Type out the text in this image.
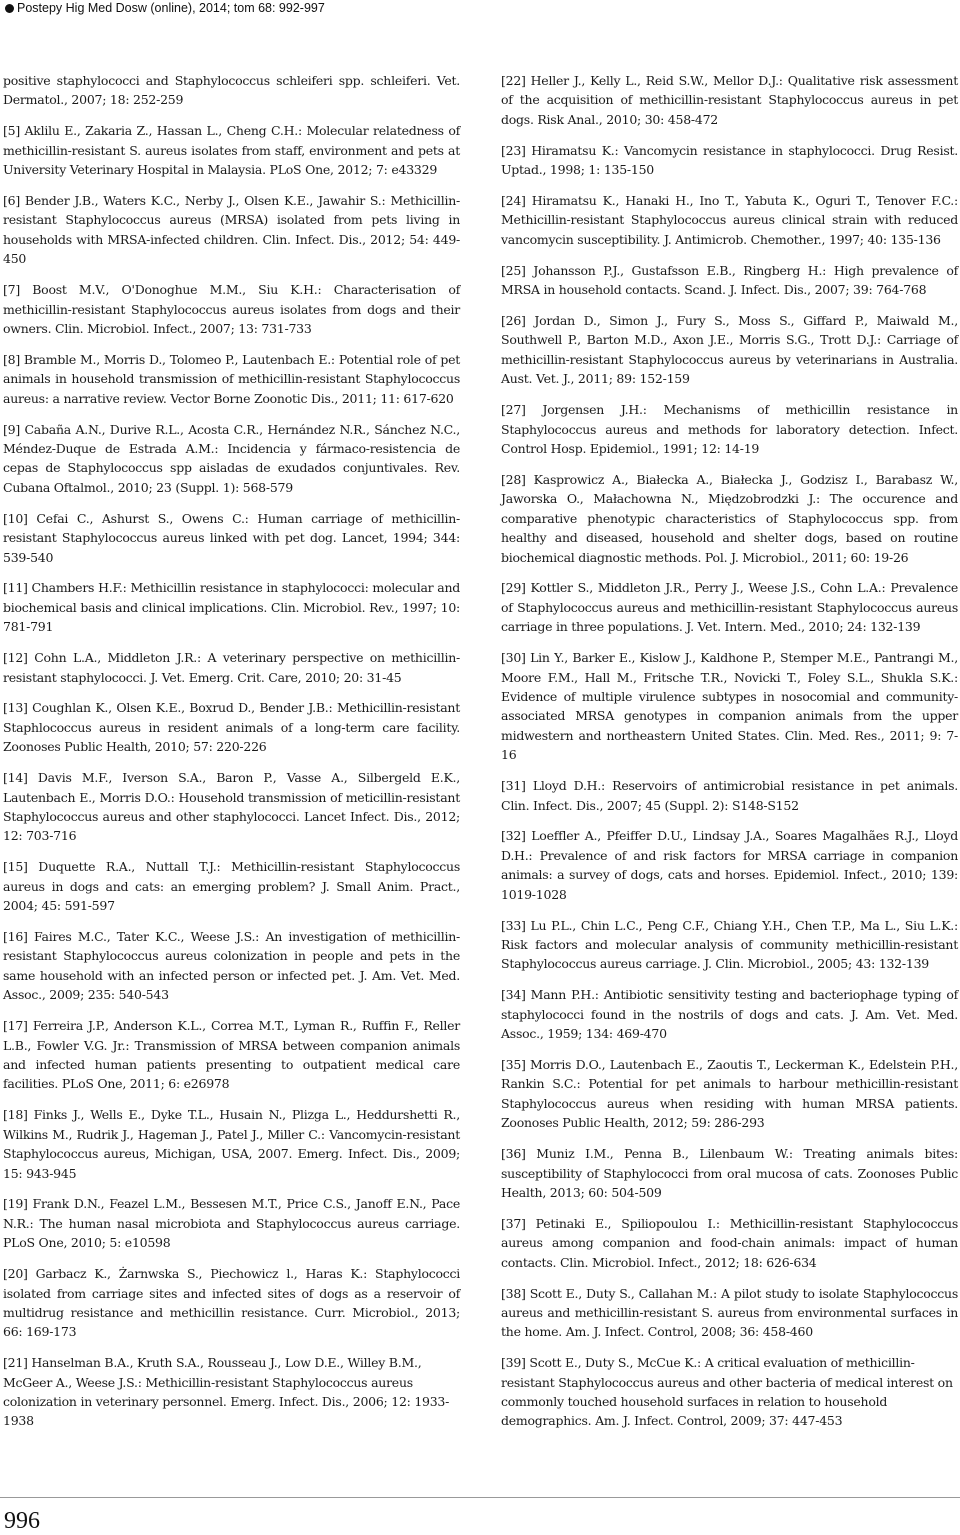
Postepy Hig Med Dosw (online), 2014; tom 68: 992-997

positive staphylococci and Staphylococcus schleiferi spp. schleiferi. Vet. Dermatol., 2007; 18: 252-259

[5] Aklilu E., Zakaria Z., Hassan L., Cheng C.H.: Molecular relatedness of methicillin-resistant S. aureus isolates from staff, environment and pets at University Veterinary Hospital in Malaysia. PLoS One, 2012; 7: e43329

[6] Bender J.B., Waters K.C., Nerby J., Olsen K.E., Jawahir S.: Methicillin-resistant Staphylococcus aureus (MRSA) isolated from pets living in households with MRSA-infected children. Clin. Infect. Dis., 2012; 54: 449-450

[7] Boost M.V., O'Donoghue M.M., Siu K.H.: Characterisation of methicillin-resistant Staphylococcus aureus isolates from dogs and their owners. Clin. Microbiol. Infect., 2007; 13: 731-733

[8] Bramble M., Morris D., Tolomeo P., Lautenbach E.: Potential role of pet animals in household transmission of methicillin-resistant Staphylococcus aureus: a narrative review. Vector Borne Zoonotic Dis., 2011; 11: 617-620

[9] Cabaña A.N., Durive R.L., Acosta C.R., Hernández N.R., Sánchez N.C., Méndez-Duque de Estrada A.M.: Incidencia y fármaco-resistencia de cepas de Staphylococcus spp aisladas de exudados conjuntivales. Rev. Cubana Oftalmol., 2010; 23 (Suppl. 1): 568-579

[10] Cefai C., Ashurst S., Owens C.: Human carriage of methicillin-resistant Staphylococcus aureus linked with pet dog. Lancet, 1994; 344: 539-540

[11] Chambers H.F.: Methicillin resistance in staphylococci: molecular and biochemical basis and clinical implications. Clin. Microbiol. Rev., 1997; 10: 781-791

[12] Cohn L.A., Middleton J.R.: A veterinary perspective on methicillin-resistant staphylococci. J. Vet. Emerg. Crit. Care, 2010; 20: 31-45

[13] Coughlan K., Olsen K.E., Boxrud D., Bender J.B.: Methicillin-resistant Staphlococcus aureus in resident animals of a long-term care facility. Zoonoses Public Health, 2010; 57: 220-226

[14] Davis M.F., Iverson S.A., Baron P., Vasse A., Silbergeld E.K., Lautenbach E., Morris D.O.: Household transmission of meticillin-resistant Staphylococcus aureus and other staphylococci. Lancet Infect. Dis., 2012; 12: 703-716

[15] Duquette R.A., Nuttall T.J.: Methicillin-resistant Staphylococcus aureus in dogs and cats: an emerging problem? J. Small Anim. Pract., 2004; 45: 591-597

[16] Faires M.C., Tater K.C., Weese J.S.: An investigation of methicillin-resistant Staphylococcus aureus colonization in people and pets in the same household with an infected person or infected pet. J. Am. Vet. Med. Assoc., 2009; 235: 540-543

[17] Ferreira J.P., Anderson K.L., Correa M.T., Lyman R., Ruffin F., Reller L.B., Fowler V.G. Jr.: Transmission of MRSA between companion animals and infected human patients presenting to outpatient medical care facilities. PLoS One, 2011; 6: e26978

[18] Finks J., Wells E., Dyke T.L., Husain N., Plizga L., Heddurshetti R., Wilkins M., Rudrik J., Hageman J., Patel J., Miller C.: Vancomycin-resistant Staphylococcus aureus, Michigan, USA, 2007. Emerg. Infect. Dis., 2009; 15: 943-945

[19] Frank D.N., Feazel L.M., Bessesen M.T., Price C.S., Janoff E.N., Pace N.R.: The human nasal microbiota and Staphylococcus aureus carriage. PLoS One, 2010; 5: e10598

[20] Garbacz K., Żarnwska S., Piechowicz l., Haras K.: Staphylococci isolated from carriage sites and infected sites of dogs as a reservoir of multidrug resistance and methicillin resistance. Curr. Microbiol., 2013; 66: 169-173

[21] Hanselman B.A., Kruth S.A., Rousseau J., Low D.E., Willey B.M., McGeer A., Weese J.S.: Methicillin-resistant Staphylococcus aureus colonization in veterinary personnel. Emerg. Infect. Dis., 2006; 12: 1933-1938

[22] Heller J., Kelly L., Reid S.W., Mellor D.J.: Qualitative risk assessment of the acquisition of methicillin-resistant Staphylococcus aureus in pet dogs. Risk Anal., 2010; 30: 458-472

[23] Hiramatsu K.: Vancomycin resistance in staphylococci. Drug Resist. Uptad., 1998; 1: 135-150

[24] Hiramatsu K., Hanaki H., Ino T., Yabuta K., Oguri T., Tenover F.C.: Methicillin-resistant Staphylococcus aureus clinical strain with reduced vancomycin susceptibility. J. Antimicrob. Chemother., 1997; 40: 135-136

[25] Johansson P.J., Gustafsson E.B., Ringberg H.: High prevalence of MRSA in household contacts. Scand. J. Infect. Dis., 2007; 39: 764-768

[26] Jordan D., Simon J., Fury S., Moss S., Giffard P., Maiwald M., Southwell P., Barton M.D., Axon J.E., Morris S.G., Trott D.J.: Carriage of methicillin-resistant Staphylococcus aureus by veterinarians in Australia. Aust. Vet. J., 2011; 89: 152-159

[27] Jorgensen J.H.: Mechanisms of methicillin resistance in Staphylococcus aureus and methods for laboratory detection. Infect. Control Hosp. Epidemiol., 1991; 12: 14-19

[28] Kasprowicz A., Białecka A., Białecka J., Godzisz I., Barabasz W., Jaworska O., Małachowna N., Międzobrodzki J.: The occurence and comparative phenotypic characteristics of Staphylococcus spp. from healthy and diseased, household and shelter dogs, based on routine biochemical diagnostic methods. Pol. J. Microbiol., 2011; 60: 19-26

[29] Kottler S., Middleton J.R., Perry J., Weese J.S., Cohn L.A.: Prevalence of Staphylococcus aureus and methicillin-resistant Staphylococcus aureus carriage in three populations. J. Vet. Intern. Med., 2010; 24: 132-139

[30] Lin Y., Barker E., Kislow J., Kaldhone P., Stemper M.E., Pantrangi M., Moore F.M., Hall M., Fritsche T.R., Novicki T., Foley S.L., Shukla S.K.: Evidence of multiple virulence subtypes in nosocomial and community-associated MRSA genotypes in companion animals from the upper midwestern and northeastern United States. Clin. Med. Res., 2011; 9: 7-16

[31] Lloyd D.H.: Reservoirs of antimicrobial resistance in pet animals. Clin. Infect. Dis., 2007; 45 (Suppl. 2): S148-S152

[32] Loeffler A., Pfeiffer D.U., Lindsay J.A., Soares Magalhães R.J., Lloyd D.H.: Prevalence of and risk factors for MRSA carriage in companion animals: a survey of dogs, cats and horses. Epidemiol. Infect., 2010; 139: 1019-1028

[33] Lu P.L., Chin L.C., Peng C.F., Chiang Y.H., Chen T.P., Ma L., Siu L.K.: Risk factors and molecular analysis of community methicillin-resistant Staphylococcus aureus carriage. J. Clin. Microbiol., 2005; 43: 132-139

[34] Mann P.H.: Antibiotic sensitivity testing and bacteriophage typing of staphylococci found in the nostrils of dogs and cats. J. Am. Vet. Med. Assoc., 1959; 134: 469-470

[35] Morris D.O., Lautenbach E., Zaoutis T., Leckerman K., Edelstein P.H., Rankin S.C.: Potential for pet animals to harbour methicillin-resistant Staphylococcus aureus when residing with human MRSA patients. Zoonoses Public Health, 2012; 59: 286-293

[36] Muniz I.M., Penna B., Lilenbaum W.: Treating animals bites: susceptibility of Staphylococci from oral mucosa of cats. Zoonoses Public Health, 2013; 60: 504-509

[37] Petinaki E., Spiliopoulou I.: Methicillin-resistant Staphylococcus aureus among companion and food-chain animals: impact of human contacts. Clin. Microbiol. Infect., 2012; 18: 626-634

[38] Scott E., Duty S., Callahan M.: A pilot study to isolate Staphylococcus aureus and methicillin-resistant S. aureus from environmental surfaces in the home. Am. J. Infect. Control, 2008; 36: 458-460

[39] Scott E., Duty S., McCue K.: A critical evaluation of methicillin-resistant Staphylococcus aureus and other bacteria of medical interest on commonly touched household surfaces in relation to household demographics. Am. J. Infect. Control, 2009; 37: 447-453

996
